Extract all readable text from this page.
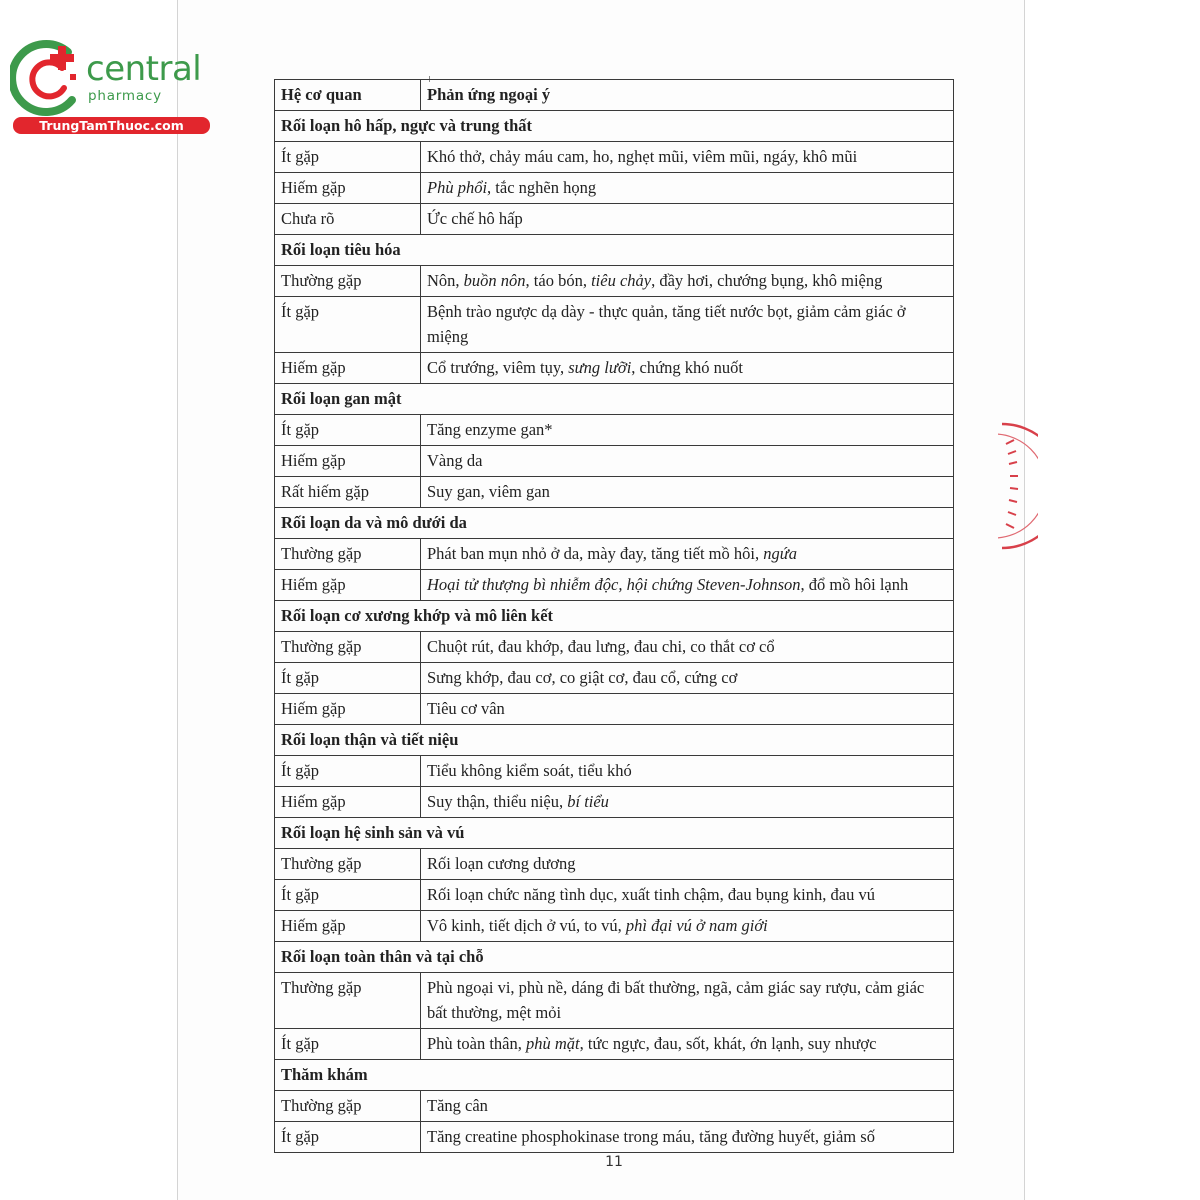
central
pharmacy
TrungTamThuoc.com
Hệ cơ quan	Phản ứng ngoại ý
Rối loạn hô hấp, ngực và trung thất	
Ít gặp	Khó thở, chảy máu cam, ho, nghẹt mũi, viêm mũi, ngáy, khô mũi
Hiếm gặp	Phù phổi, tắc nghẽn họng
Chưa rõ	Ức chế hô hấp
Rối loạn tiêu hóa	
Thường gặp	Nôn, buồn nôn, táo bón, tiêu chảy, đầy hơi, chướng bụng, khô miệng
Ít gặp	Bệnh trào ngược dạ dày - thực quản, tăng tiết nước bọt, giảm cảm giác ở miệng
Hiếm gặp	Cổ trướng, viêm tụy, sưng lưỡi, chứng khó nuốt
Rối loạn gan mật	
Ít gặp	Tăng enzyme gan*
Hiếm gặp	Vàng da
Rất hiếm gặp	Suy gan, viêm gan
Rối loạn da và mô dưới da	
Thường gặp	Phát ban mụn nhỏ ở da, mày đay, tăng tiết mồ hôi, ngứa
Hiếm gặp	Hoại tử thượng bì nhiễm độc, hội chứng Steven-Johnson, đổ mồ hôi lạnh
Rối loạn cơ xương khớp và mô liên kết	
Thường gặp	Chuột rút, đau khớp, đau lưng, đau chi, co thắt cơ cổ
Ít gặp	Sưng khớp, đau cơ, co giật cơ, đau cổ, cứng cơ
Hiếm gặp	Tiêu cơ vân
Rối loạn thận và tiết niệu	
Ít gặp	Tiểu không kiểm soát, tiểu khó
Hiếm gặp	Suy thận, thiểu niệu, bí tiểu
Rối loạn hệ sinh sản và vú	
Thường gặp	Rối loạn cương dương
Ít gặp	Rối loạn chức năng tình dục, xuất tinh chậm, đau bụng kinh, đau vú
Hiếm gặp	Vô kinh, tiết dịch ở vú, to vú, phì đại vú ở nam giới
Rối loạn toàn thân và tại chỗ	
Thường gặp	Phù ngoại vi, phù nề, dáng đi bất thường, ngã, cảm giác say rượu, cảm giác bất thường, mệt mỏi
Ít gặp	Phù toàn thân, phù mặt, tức ngực, đau, sốt, khát, ớn lạnh, suy nhược
Thăm khám	
Thường gặp	Tăng cân
Ít gặp	Tăng creatine phosphokinase trong máu, tăng đường huyết, giảm số
11
